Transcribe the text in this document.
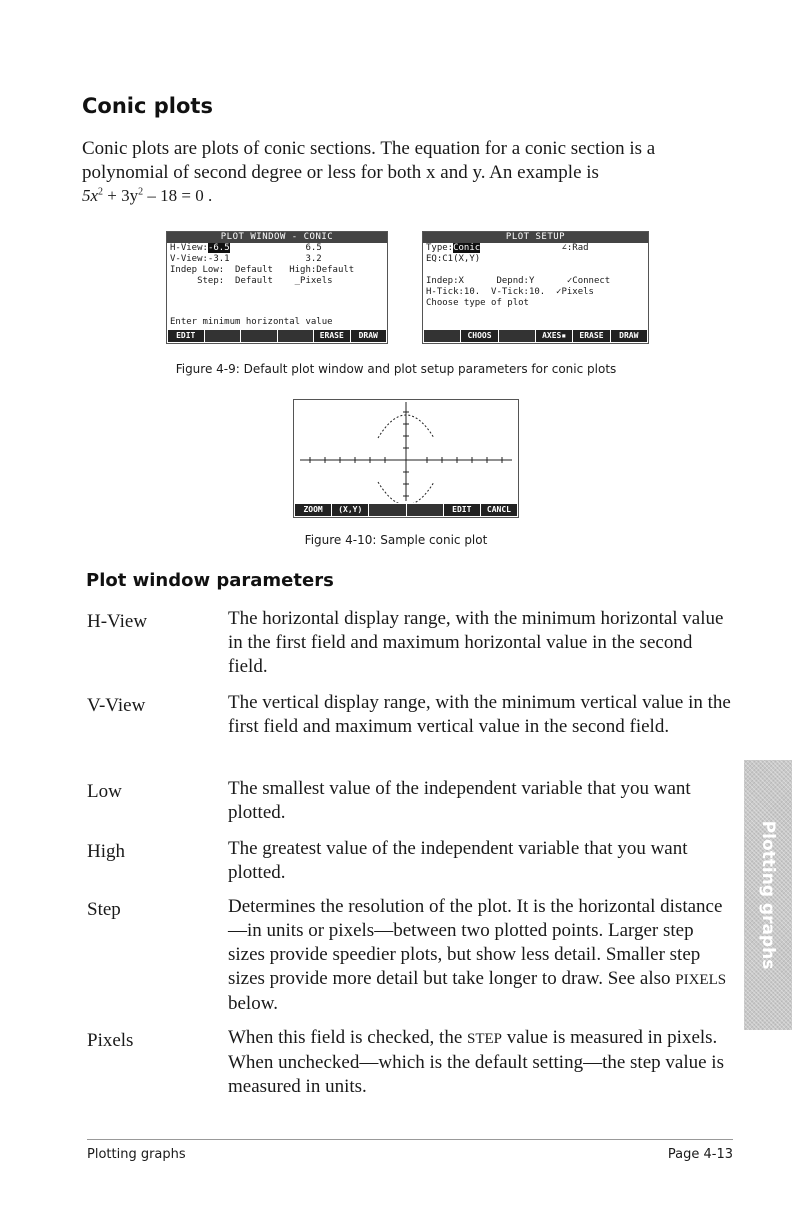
Conic plots
Conic plots are plots of conic sections. The equation for a conic section is a polynomial of second degree or less for both x and y. An example is
$5x^2 + 3y^2 - 18 = 0$ .
PLOT WINDOW - CONIC
H-View:-6.5	6.5
V-View:-3.1	3.2
Indep Low:  Default   High:Default
Step:  Default    _Pixels
Enter minimum horizontal value
EDIT	ERASE	DRAW
PLOT SETUP
Type:Conic	∠:Rad
EQ:C1(X,Y)
Indep:X      Depnd:Y      ✓Connect
H-Tick:10.  V-Tick:10.  ✓Pixels
Choose type of plot
CHOOS	AXES▪	ERASE	DRAW
Figure 4-9: Default plot window and plot setup parameters for conic plots
ZOOM	(X,Y)	EDIT	CANCL
Figure 4-10: Sample conic plot
Plot window parameters
H-View	The horizontal display range, with the minimum horizontal value in the first field and maximum horizontal value in the second field.
V-View	The vertical display range, with the minimum vertical value in the first field and maximum vertical value in the second field.
Low	The smallest value of the independent variable that you want plotted.
High	The greatest value of the independent variable that you want plotted.
Step	Determines the resolution of the plot. It is the horizontal distance—in units or pixels—between two plotted points. Larger step sizes provide speedier plots, but show less detail. Smaller step sizes provide more detail but take longer to draw. See also PIXELS below.
Pixels	When this field is checked, the STEP value is measured in pixels. When unchecked—which is the default setting—the step value is measured in units.
Plotting graphs
Plotting graphs	Page 4-13
